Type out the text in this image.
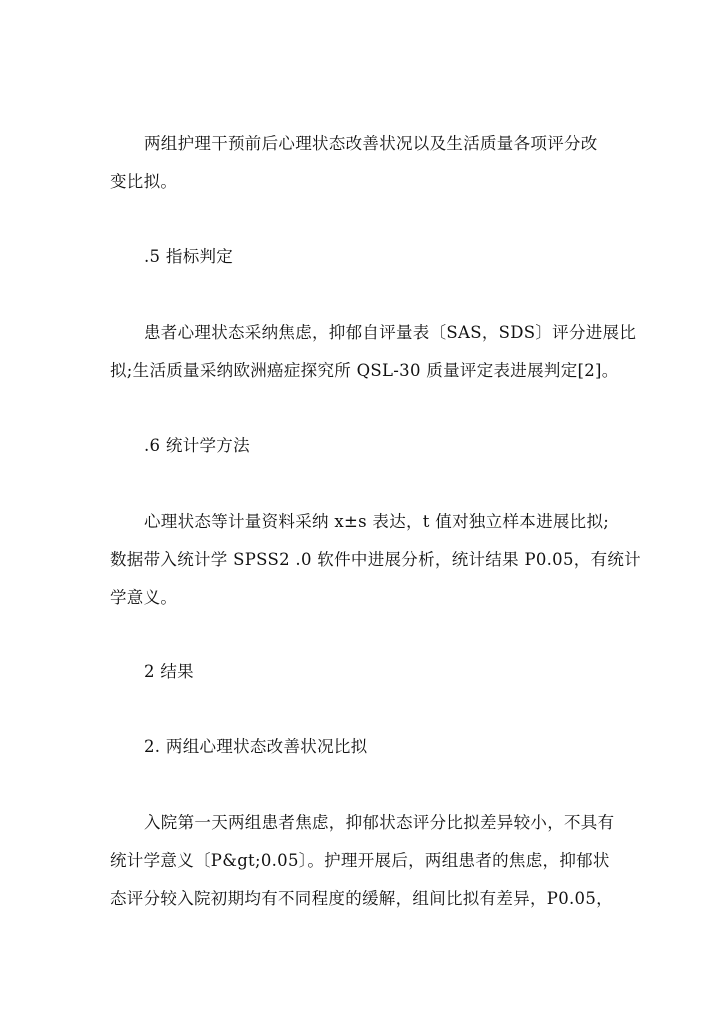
两组护理干预前后心理状态改善状况以及生活质量各项评分改
变比拟。
.5 指标判定
患者心理状态采纳焦虑，抑郁自评量表〔SAS，SDS〕评分进展比
拟;生活质量采纳欧洲癌症探究所 QSL-30 质量评定表进展判定[2]。
.6 统计学方法
心理状态等计量资料采纳 x±s 表达，t 值对独立样本进展比拟;
数据带入统计学 SPSS2 .0 软件中进展分析，统计结果 P0.05，有统计
学意义。
2 结果
2. 两组心理状态改善状况比拟
入院第一天两组患者焦虑，抑郁状态评分比拟差异较小，不具有
统计学意义〔P&gt;0.05〕。护理开展后，两组患者的焦虑，抑郁状
态评分较入院初期均有不同程度的缓解，组间比拟有差异，P0.05，
